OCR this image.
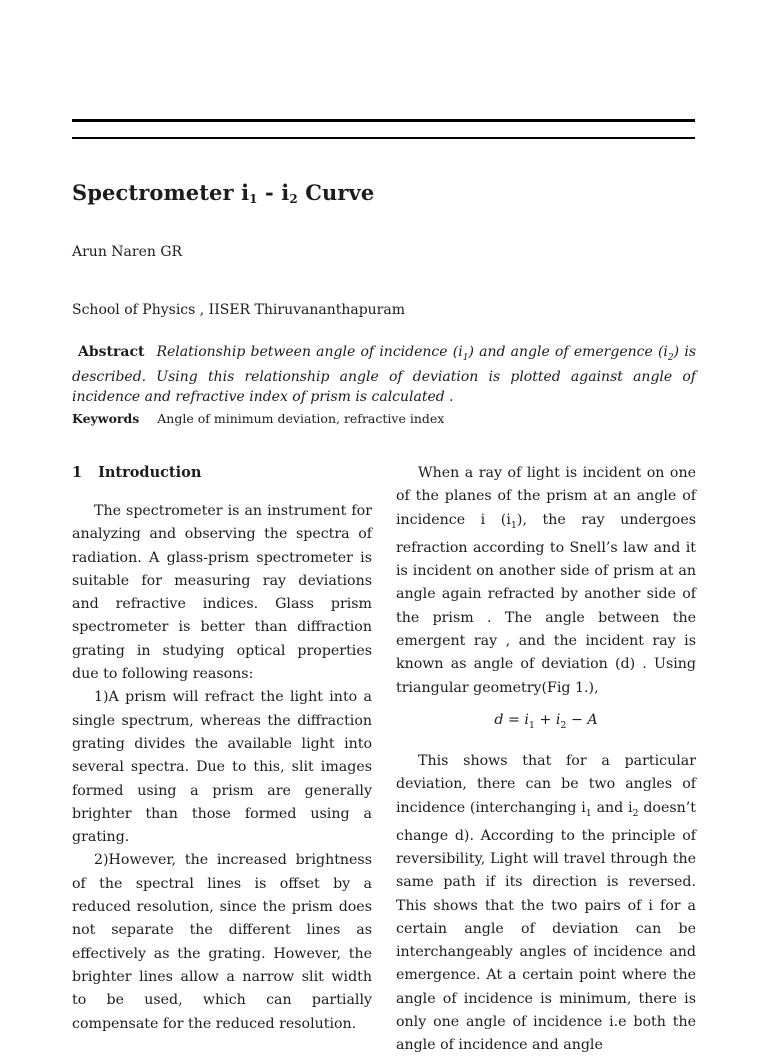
Spectrometer $i_1 - i_2$ Curve
Arun Naren GR
School of Physics , IISER Thiruvananthapuram
Abstract Relationship between angle of incidence $(i_1)$ and angle of emergence $(i_2)$ is described. Using this relationship angle of deviation is plotted against angle of incidence and refractive index of prism is calculated .
Keywords Angle of minimum deviation, refractive index
1 Introduction

The spectrometer is an instrument for analyzing and observing the spectra of radiation. A glass-prism spectrometer is suitable for measuring ray deviations and refractive indices. Glass prism spectrometer is better than diffraction grating in studying optical properties due to following reasons:

1)A prism will refract the light into a single spectrum, whereas the diffraction grating divides the available light into several spectra. Due to this, slit images formed using a prism are generally brighter than those formed using a grating.

2)However, the increased brightness of the spectral lines is offset by a reduced resolution, since the prism does not separate the different lines as effectively as the grating. However, the brighter lines allow a narrow slit width to be used, which can partially compensate for the reduced resolution.

When a ray of light is incident on one of the planes of the prism at an angle of incidence i $(i_1)$, the ray undergoes refraction according to Snell’s law and it is incident on another side of prism at an angle again refracted by another side of the prism . The angle between the emergent ray , and the incident ray is known as angle of deviation (d) . Using triangular geometry(Fig 1.),

$d = i_1 + i_2 - A$

This shows that for a particular deviation, there can be two angles of incidence (interchanging $i_1$ and $i_2$ doesn’t change d). According to the principle of reversibility, Light will travel through the same path if its direction is reversed. This shows that the two pairs of i for a certain angle of deviation can be interchangeably angles of incidence and emergence. At a certain point where the angle of incidence is minimum, there is only one angle of incidence i.e both the angle of incidence and angle
